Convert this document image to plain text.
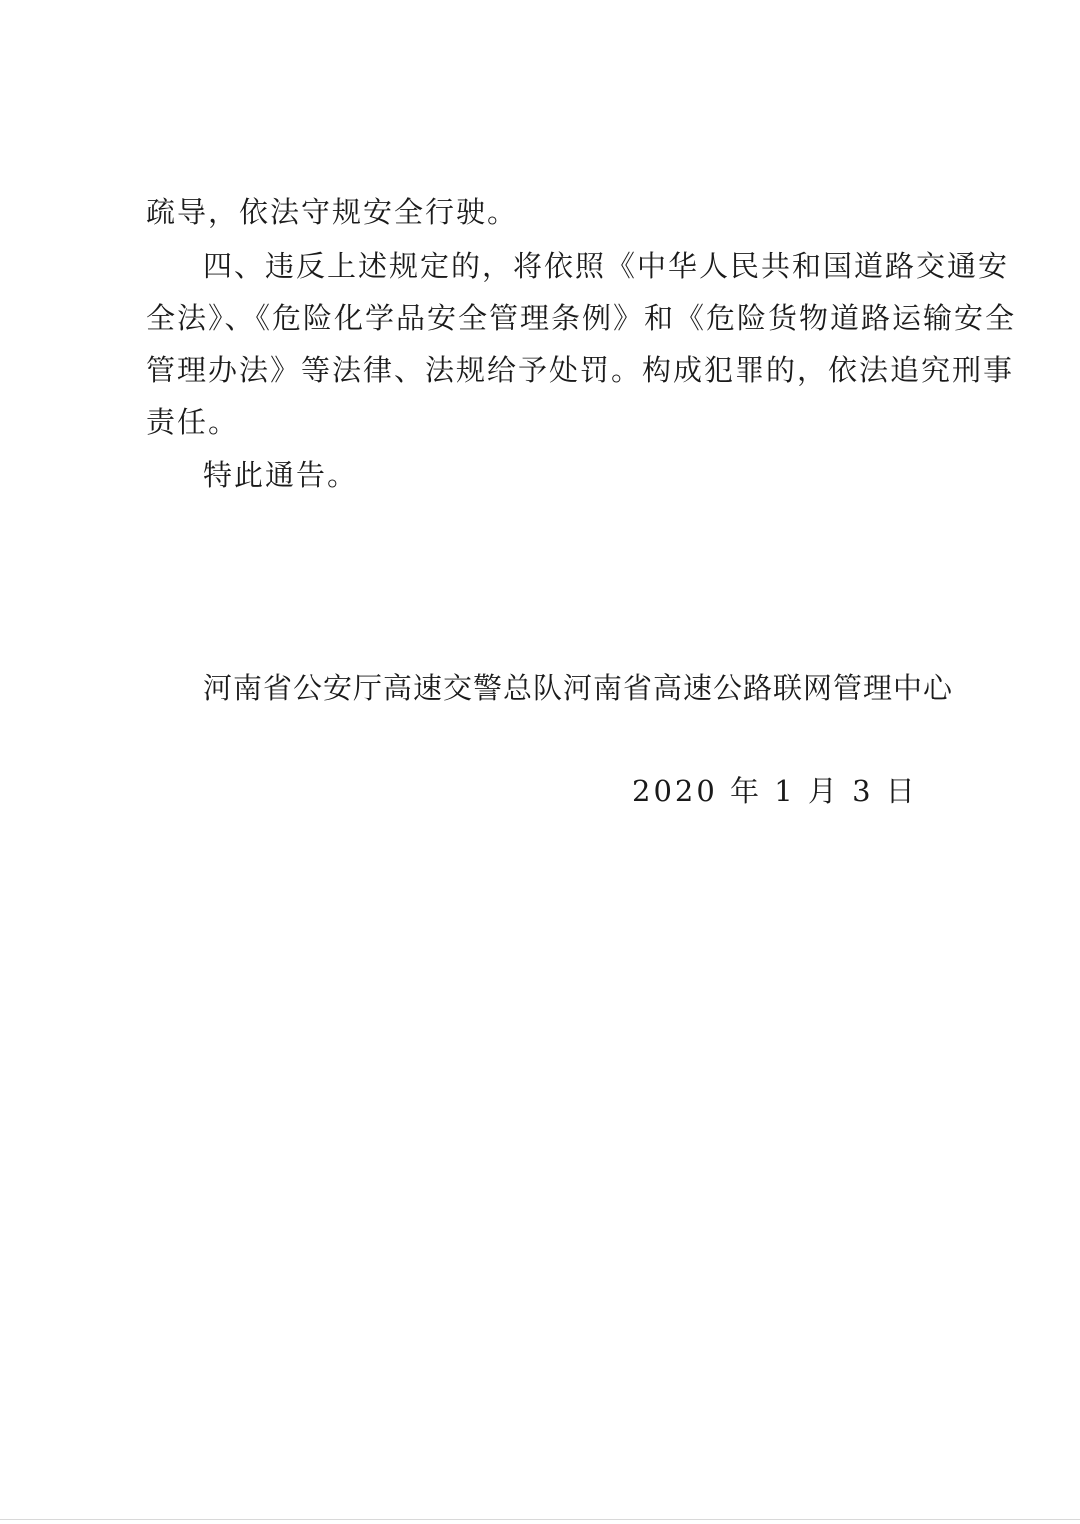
疏导，依法守规安全行驶。
四、违反上述规定的，将依照《中华人民共和国道路交通安
全法》、《危险化学品安全管理条例》和《危险货物道路运输安全
管理办法》等法律、法规给予处罚。构成犯罪的，依法追究刑事
责任。
特此通告。
河南省公安厅高速交警总队 河南省高速公路联网管理中心
2020 年 1 月 3 日
